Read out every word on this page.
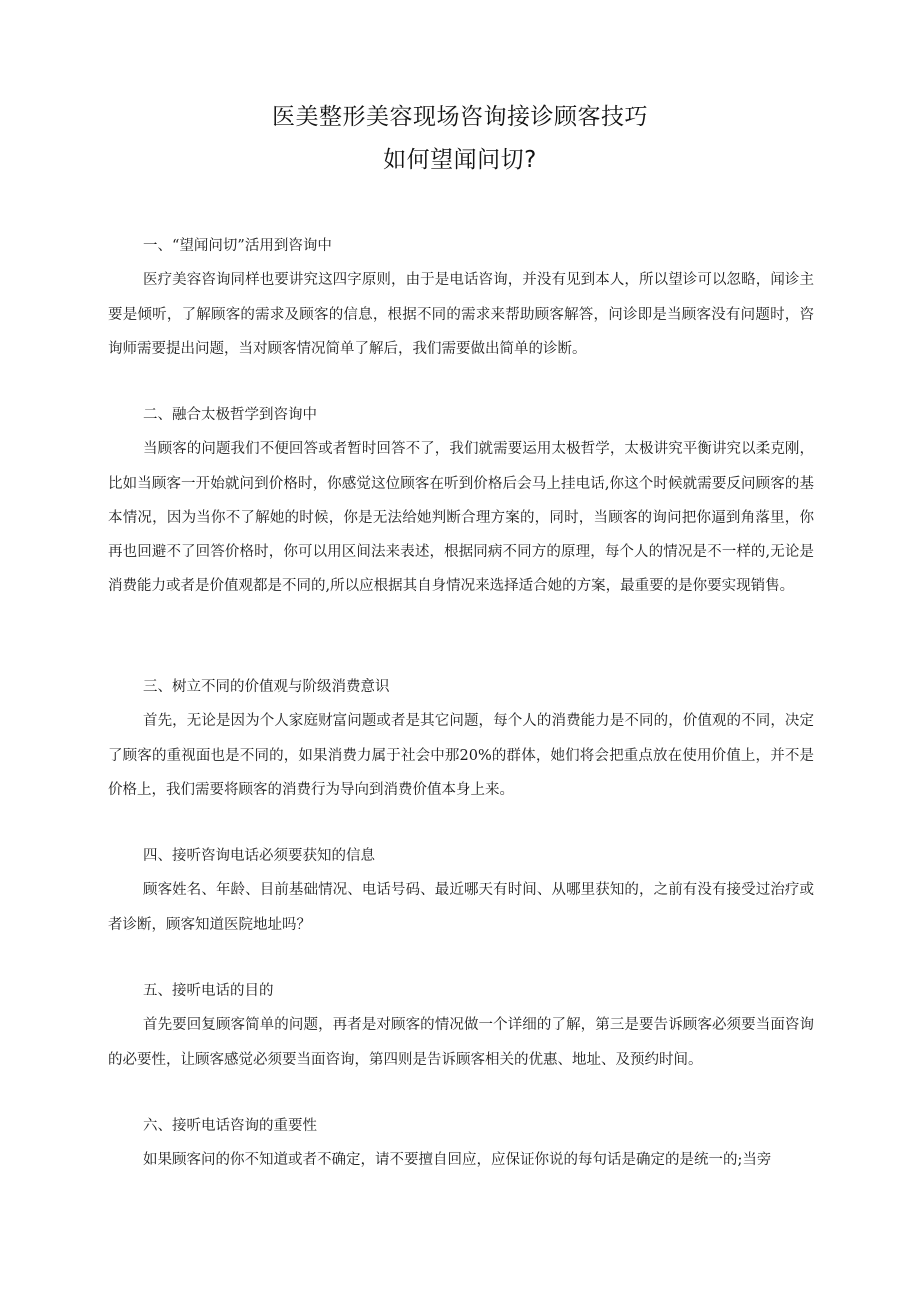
医美整形美容现场咨询接诊顾客技巧
如何望闻问切?
一、“望闻问切”活用到咨询中

医疗美容咨询同样也要讲究这四字原则，由于是电话咨询，并没有见到本人，所以望诊可以忽略，闻诊主要是倾听，了解顾客的需求及顾客的信息，根据不同的需求来帮助顾客解答，问诊即是当顾客没有问题时，咨询师需要提出问题，当对顾客情况简单了解后，我们需要做出简单的诊断。

二、融合太极哲学到咨询中

当顾客的问题我们不便回答或者暂时回答不了，我们就需要运用太极哲学，太极讲究平衡讲究以柔克刚，比如当顾客一开始就问到价格时，你感觉这位顾客在听到价格后会马上挂电话,你这个时候就需要反问顾客的基本情况，因为当你不了解她的时候，你是无法给她判断合理方案的，同时，当顾客的询问把你逼到角落里，你再也回避不了回答价格时，你可以用区间法来表述，根据同病不同方的原理，每个人的情况是不一样的,无论是消费能力或者是价值观都是不同的,所以应根据其自身情况来选择适合她的方案，最重要的是你要实现销售。

三、树立不同的价值观与阶级消费意识

首先，无论是因为个人家庭财富问题或者是其它问题，每个人的消费能力是不同的，价值观的不同，决定了顾客的重视面也是不同的，如果消费力属于社会中那20%的群体，她们将会把重点放在使用价值上，并不是价格上，我们需要将顾客的消费行为导向到消费价值本身上来。

四、接听咨询电话必须要获知的信息

顾客姓名、年龄、目前基础情况、电话号码、最近哪天有时间、从哪里获知的，之前有没有接受过治疗或者诊断，顾客知道医院地址吗？

五、接听电话的目的

首先要回复顾客简单的问题，再者是对顾客的情况做一个详细的了解，第三是要告诉顾客必须要当面咨询的必要性，让顾客感觉必须要当面咨询，第四则是告诉顾客相关的优惠、地址、及预约时间。

六、接听电话咨询的重要性

如果顾客问的你不知道或者不确定，请不要擅自回应，应保证你说的每句话是确定的是统一的;当旁
